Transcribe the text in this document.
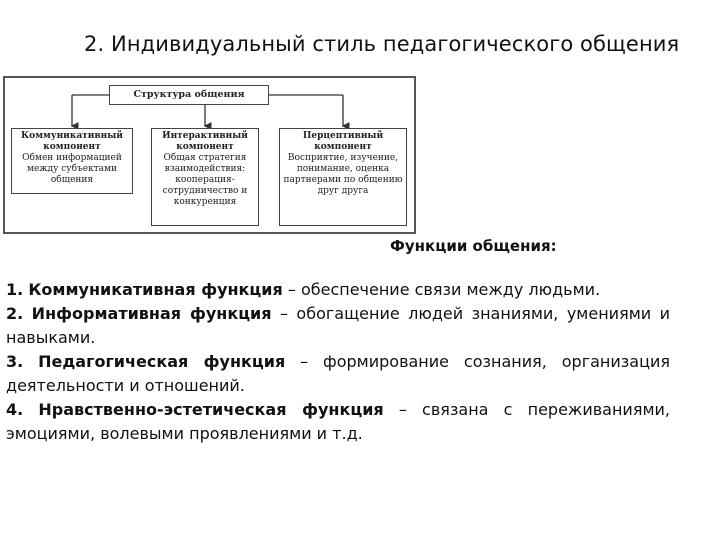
2. Индивидуальный стиль педагогического общения
Структура общения
Коммуникативный компонент
Обмен информацией между субъектами общения
Интерактивный компонент
Общая стратегия взаимодействия: кооперация-сотрудничество и конкуренция
Перцептивный компонент
Восприятие, изучение, понимание, оценка партнерами по общению друг друга
Функции общения:

1. Коммуникативная функция – обеспечение связи между людьми.

2. Информативная функция – обогащение людей знаниями, умениями и навыками.

3. Педагогическая функция – формирование сознания, организация деятельности и отношений.

4. Нравственно-эстетическая функция – связана с переживаниями, эмоциями, волевыми проявлениями и т.д.
